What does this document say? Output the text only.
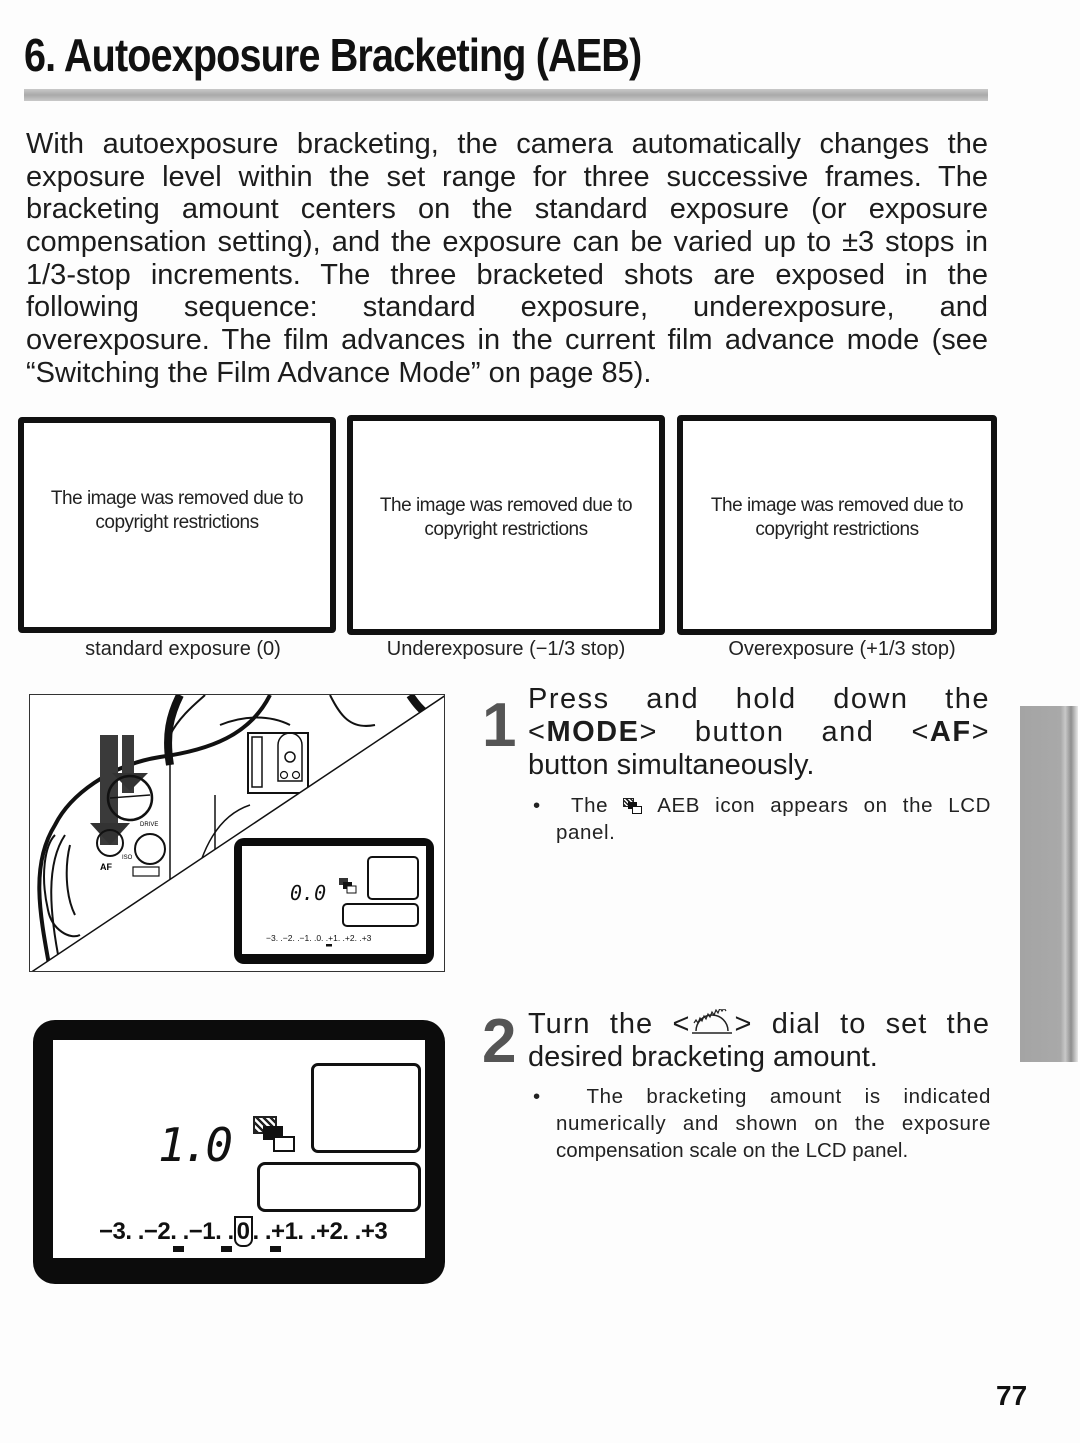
6. Autoexposure Bracketing (AEB)
With autoexposure bracketing, the camera automatically changes the
exposure level within the set range for three successive frames. The
bracketing amount centers on the standard exposure (or exposure
compensation setting), and the exposure can be varied up to ±3 stops in
1/3-stop increments. The three bracketed shots are exposed in the
following sequence: standard exposure, underexposure, and
overexposure. The film advances in the current film advance mode (see
“Switching the Film Advance Mode” on page 85).
The image was removed due to
copyright restrictions
standard exposure (0)
The image was removed due to
copyright restrictions
Underexposure (−1/3 stop)
The image was removed due to
copyright restrictions
Overexposure (+1/3 stop)
AF
DRIVE
ISO
0.0
−3. .−2. .−1. .0. .+1. .+2. .+3
1 Press and hold down the
<MODE> button and <AF>
button simultaneously.
•  The AEB icon appears on the LCD
panel.
2 Turn the < > dial to set the
desired bracketing amount.
•  The bracketing amount is indicated
numerically and shown on the exposure
compensation scale on the LCD panel.
1.0
−3. .−2. .−1. . 0 . .+1. .+2. .+3
77
